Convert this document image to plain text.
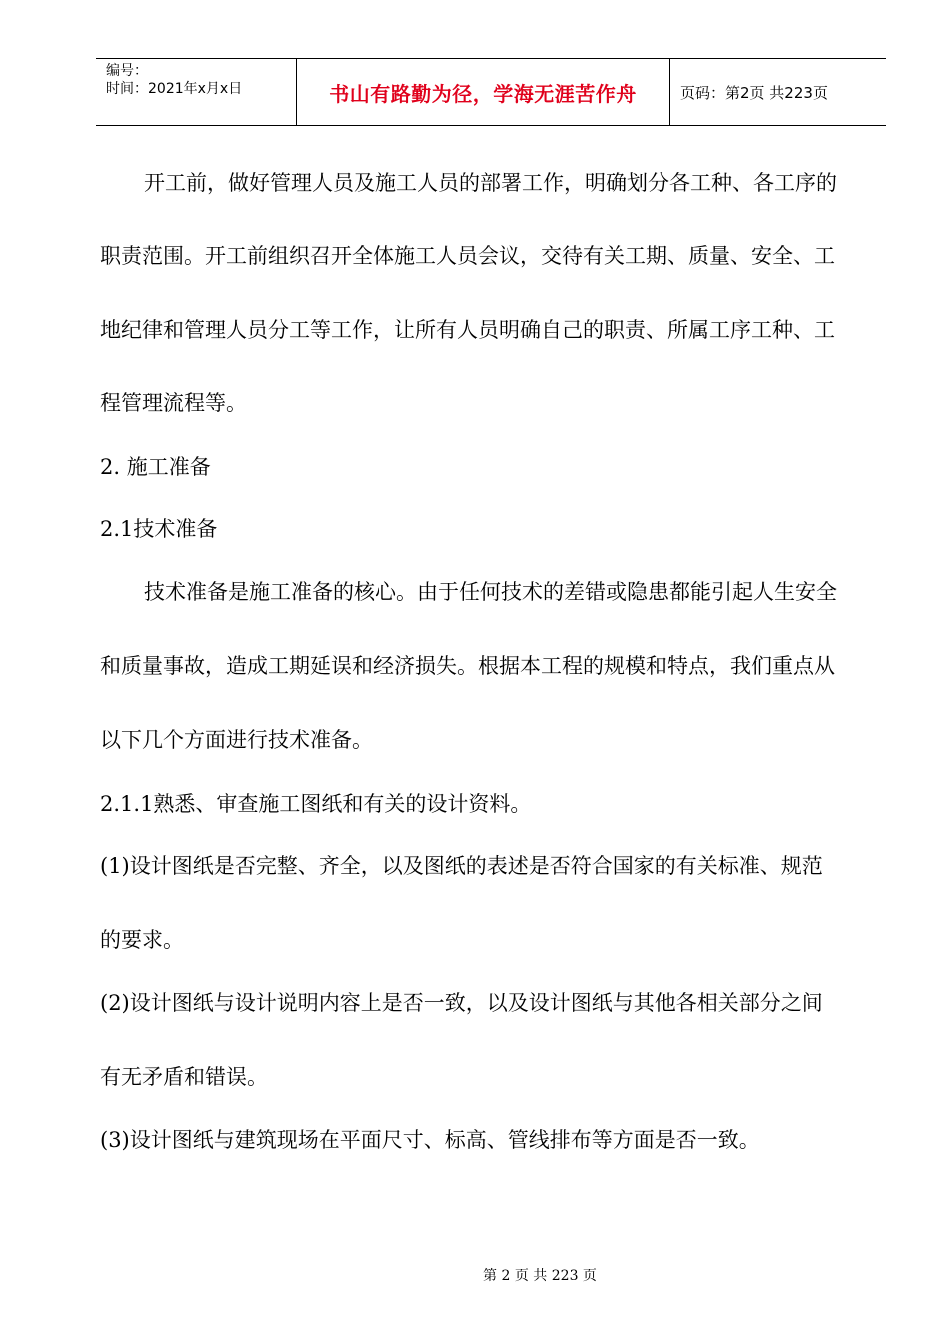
编号：
时间：2021年x月x日	书山有路勤为径，学海无涯苦作舟	页码：第2页 共223页
开工前，做好管理人员及施工人员的部署工作，明确划分各工种、各工序的
职责范围。开工前组织召开全体施工人员会议，交待有关工期、质量、安全、工
地纪律和管理人员分工等工作，让所有人员明确自己的职责、所属工序工种、工
程管理流程等。
2. 施工准备
2.1技术准备
技术准备是施工准备的核心。由于任何技术的差错或隐患都能引起人生安全
和质量事故，造成工期延误和经济损失。根据本工程的规模和特点，我们重点从
以下几个方面进行技术准备。
2.1.1熟悉、审查施工图纸和有关的设计资料。
(1)设计图纸是否完整、齐全，以及图纸的表述是否符合国家的有关标准、规范
的要求。
(2)设计图纸与设计说明内容上是否一致，以及设计图纸与其他各相关部分之间
有无矛盾和错误。
(3)设计图纸与建筑现场在平面尺寸、标高、管线排布等方面是否一致。
第 2 页 共 223 页
